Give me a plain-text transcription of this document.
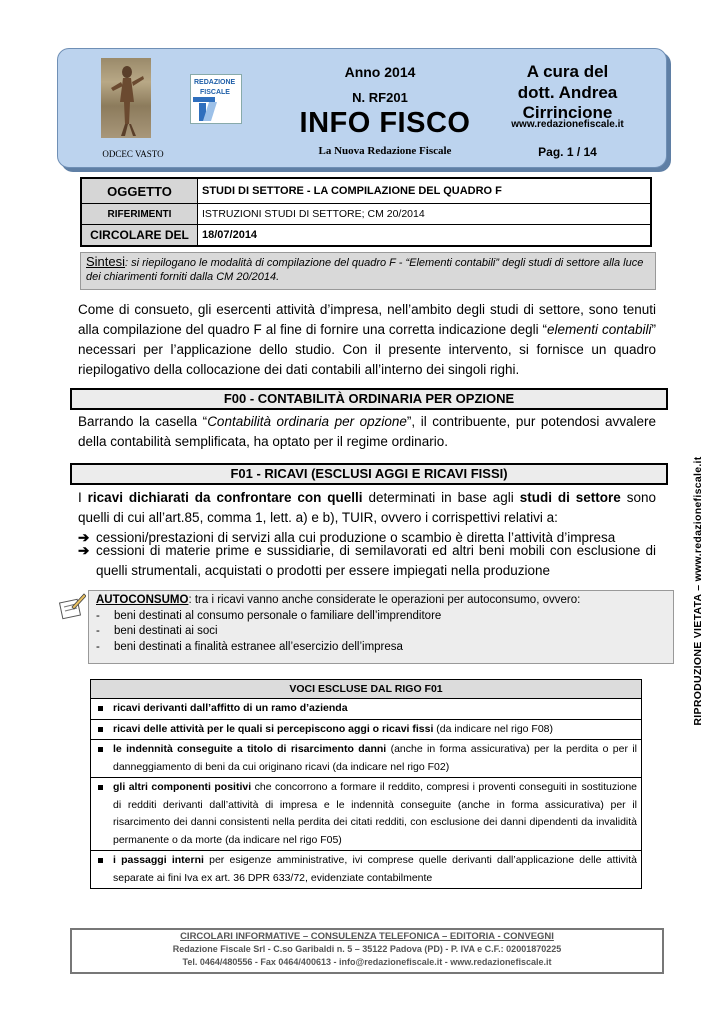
ODCEC VASTO
REDAZIONE
FISCALE
Anno 2014
N. RF201
INFO FISCO
La Nuova Redazione Fiscale
A cura del
dott. Andrea Cirrincione
www.redazionefiscale.it
Pag. 1 / 14
OGGETTO	STUDI DI SETTORE - LA COMPILAZIONE DEL QUADRO F
RIFERIMENTI	ISTRUZIONI STUDI DI SETTORE; CM 20/2014
CIRCOLARE DEL	18/07/2014
Sintesi: si riepilogano le modalità di compilazione del quadro F - “Elementi contabili” degli studi di settore alla luce dei chiarimenti forniti dalla CM 20/2014.
Come di consueto, gli esercenti attività d’impresa, nell’ambito degli studi di settore, sono tenuti alla compilazione del quadro F al fine di fornire una corretta indicazione degli “elementi contabili” necessari per l’applicazione dello studio. Con il presente intervento, si fornisce un quadro riepilogativo della collocazione dei dati contabili all’interno dei singoli righi.
F00 - CONTABILITÀ ORDINARIA PER OPZIONE
Barrando la casella “Contabilità ordinaria per opzione”, il contribuente, pur potendosi avvalere della contabilità semplificata, ha optato per il regime ordinario.
F01 - RICAVI (ESCLUSI AGGI E RICAVI FISSI)
I ricavi dichiarati da confrontare con quelli determinati in base agli studi di settore sono quelli di cui all’art.85, comma 1, lett. a) e b), TUIR, ovvero i corrispettivi relativi a:
➔ cessioni/prestazioni di servizi alla cui produzione o scambio è diretta l’attività d’impresa
➔ cessioni di materie prime e sussidiarie, di semilavorati ed altri beni mobili con esclusione di quelli strumentali, acquistati o prodotti per essere impiegati nella produzione
AUTOCONSUMO: tra i ricavi vanno anche considerate le operazioni per autoconsumo, ovvero:
- beni destinati al consumo personale o familiare dell’imprenditore
- beni destinati ai soci
- beni destinati a finalità estranee all’esercizio dell’impresa
VOCI ESCLUSE DAL RIGO F01

ricavi derivanti dall’affitto di un ramo d’azienda

ricavi delle attività per le quali si percepiscono aggi o ricavi fissi (da indicare nel rigo F08)

le indennità conseguite a titolo di risarcimento danni (anche in forma assicurativa) per la perdita o per il danneggiamento di beni da cui originano ricavi (da indicare nel rigo F02)

gli altri componenti positivi che concorrono a formare il reddito, compresi i proventi conseguiti in sostituzione di redditi derivanti dall’attività di impresa e le indennità conseguite (anche in forma assicurativa) per il risarcimento dei danni consistenti nella perdita dei citati redditi, con esclusione dei danni dipendenti da invalidità permanente o da morte (da indicare nel rigo F05)

i passaggi interni per esigenze amministrative, ivi comprese quelle derivanti dall’applicazione delle attività separate ai fini Iva ex art. 36 DPR 633/72, evidenziate contabilmente
RIPRODUZIONE VIETATA – www.redazionefiscale.it
CIRCOLARI INFORMATIVE – CONSULENZA TELEFONICA – EDITORIA - CONVEGNI
Redazione Fiscale Srl - C.so Garibaldi n. 5 – 35122 Padova (PD) - P. IVA e C.F.: 02001870225
Tel. 0464/480556 - Fax 0464/400613 - info@redazionefiscale.it - www.redazionefiscale.it
